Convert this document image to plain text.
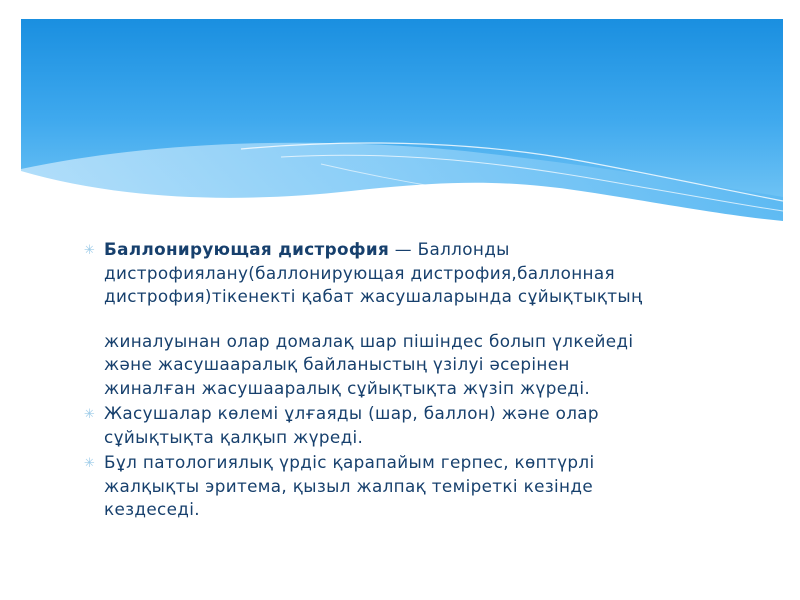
✳ Баллонирующая дистрофия — Баллонды
дистрофиялану(баллонирующая дистрофия,баллонная
дистрофия)тікенекті қабат жасушаларында сұйықтықтың
жиналуынан олар домалақ шар пішіндес болып үлкейеді
және жасушааралық байланыстың үзілуі әсерінен
жиналған жасушааралық сұйықтықта жүзіп жүреді.
✳ Жасушалар көлемі ұлғаяды (шар, баллон) және олар
сұйықтықта қалқып жүреді.
✳ Бұл патологиялық үрдіс қарапайым герпес, көптүрлі
жалқықты эритема, қызыл жалпақ теміреткі кезінде
кездеседі.
